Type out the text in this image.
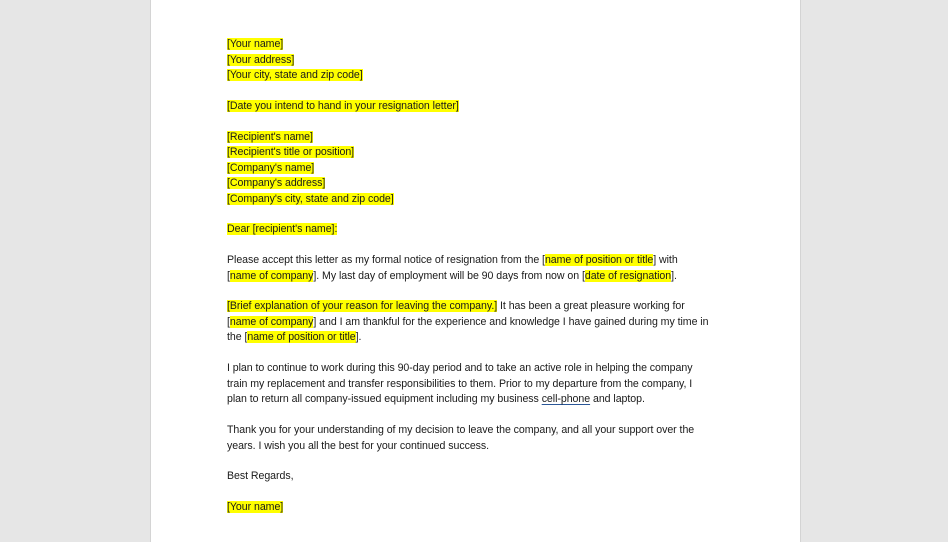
[Your name]
[Your address]
[Your city, state and zip code]
[Date you intend to hand in your resignation letter]
[Recipient's name]
[Recipient's title or position]
[Company's name]
[Company's address]
[Company's city, state and zip code]
Dear [recipient's name]:
Please accept this letter as my formal notice of resignation from the [name of position or title] with
[name of company]. My last day of employment will be 90 days from now on [date of resignation].
[Brief explanation of your reason for leaving the company.] It has been a great pleasure working for
[name of company] and I am thankful for the experience and knowledge I have gained during my time in
the [name of position or title].
I plan to continue to work during this 90-day period and to take an active role in helping the company
train my replacement and transfer responsibilities to them. Prior to my departure from the company, I
plan to return all company-issued equipment including my business cell-phone and laptop.
Thank you for your understanding of my decision to leave the company, and all your support over the
years. I wish you all the best for your continued success.
Best Regards,
[Your name]
